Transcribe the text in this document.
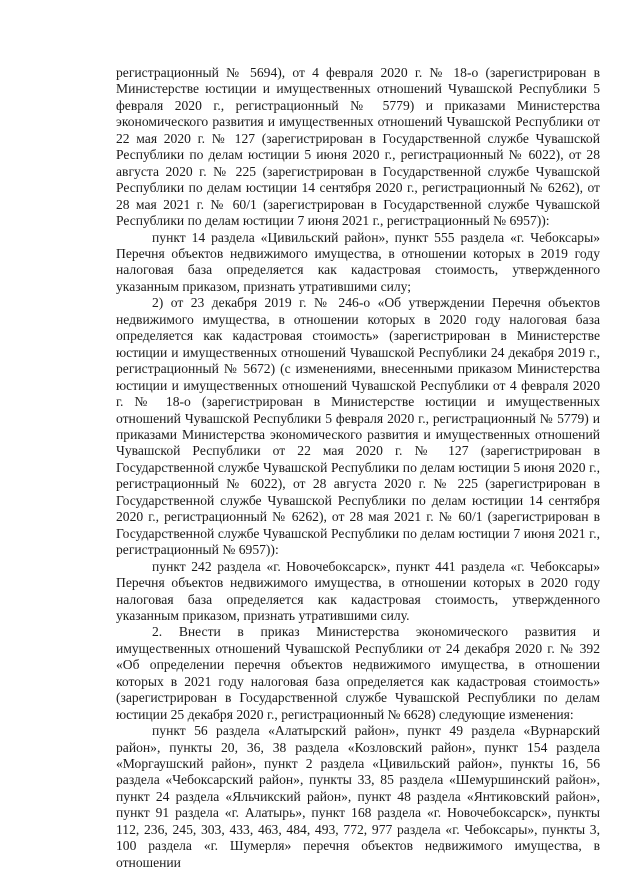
регистрационный № 5694), от 4 февраля 2020 г. № 18-о (зарегистрирован в Министерстве юстиции и имущественных отношений Чувашской Республики 5 февраля 2020 г., регистрационный № 5779) и приказами Министерства экономического развития и имущественных отношений Чувашской Республики от 22 мая 2020 г. № 127 (зарегистрирован в Государственной службе Чувашской Республики по делам юстиции 5 июня 2020 г., регистрационный № 6022), от 28 августа 2020 г. № 225 (зарегистрирован в Государственной службе Чувашской Республики по делам юстиции 14 сентября 2020 г., регистрационный № 6262), от 28 мая 2021 г. № 60/1 (зарегистрирован в Государственной службе Чувашской Республики по делам юстиции 7 июня 2021 г., регистрационный № 6957)):

пункт 14 раздела «Цивильский район», пункт 555 раздела «г. Чебоксары» Перечня объектов недвижимого имущества, в отношении которых в 2019 году налоговая база определяется как кадастровая стоимость, утвержденного указанным приказом, признать утратившими силу;

2) от 23 декабря 2019 г. № 246-о «Об утверждении Перечня объектов недвижимого имущества, в отношении которых в 2020 году налоговая база определяется как кадастровая стоимость» (зарегистрирован в Министерстве юстиции и имущественных отношений Чувашской Республики 24 декабря 2019 г., регистрационный № 5672) (с изменениями, внесенными приказом Министерства юстиции и имущественных отношений Чувашской Республики от 4 февраля 2020 г. № 18-о (зарегистрирован в Министерстве юстиции и имущественных отношений Чувашской Республики 5 февраля 2020 г., регистрационный № 5779) и приказами Министерства экономического развития и имущественных отношений Чувашской Республики от 22 мая 2020 г. № 127 (зарегистрирован в Государственной службе Чувашской Республики по делам юстиции 5 июня 2020 г., регистрационный № 6022), от 28 августа 2020 г. № 225 (зарегистрирован в Государственной службе Чувашской Республики по делам юстиции 14 сентября 2020 г., регистрационный № 6262), от 28 мая 2021 г. № 60/1 (зарегистрирован в Государственной службе Чувашской Республики по делам юстиции 7 июня 2021 г., регистрационный № 6957)):

пункт 242 раздела «г. Новочебоксарск», пункт 441 раздела «г. Чебоксары» Перечня объектов недвижимого имущества, в отношении которых в 2020 году налоговая база определяется как кадастровая стоимость, утвержденного указанным приказом, признать утратившими силу.

2. Внести в приказ Министерства экономического развития и имущественных отношений Чувашской Республики от 24 декабря 2020 г. № 392 «Об определении перечня объектов недвижимого имущества, в отношении которых в 2021 году налоговая база определяется как кадастровая стоимость» (зарегистрирован в Государственной службе Чувашской Республики по делам юстиции 25 декабря 2020 г., регистрационный № 6628) следующие изменения:

пункт 56 раздела «Алатырский район», пункт 49 раздела «Вурнарский район», пункты 20, 36, 38 раздела «Козловский район», пункт 154 раздела «Моргаушский район», пункт 2 раздела «Цивильский район», пункты 16, 56 раздела «Чебоксарский район», пункты 33, 85 раздела «Шемуршинский район», пункт 24 раздела «Яльчикский район», пункт 48 раздела «Янтиковский район», пункт 91 раздела «г. Алатырь», пункт 168 раздела «г. Новочебоксарск», пункты 112, 236, 245, 303, 433, 463, 484, 493, 772, 977 раздела «г. Чебоксары», пункты 3, 100 раздела «г. Шумерля» перечня объектов недвижимого имущества, в отношении
